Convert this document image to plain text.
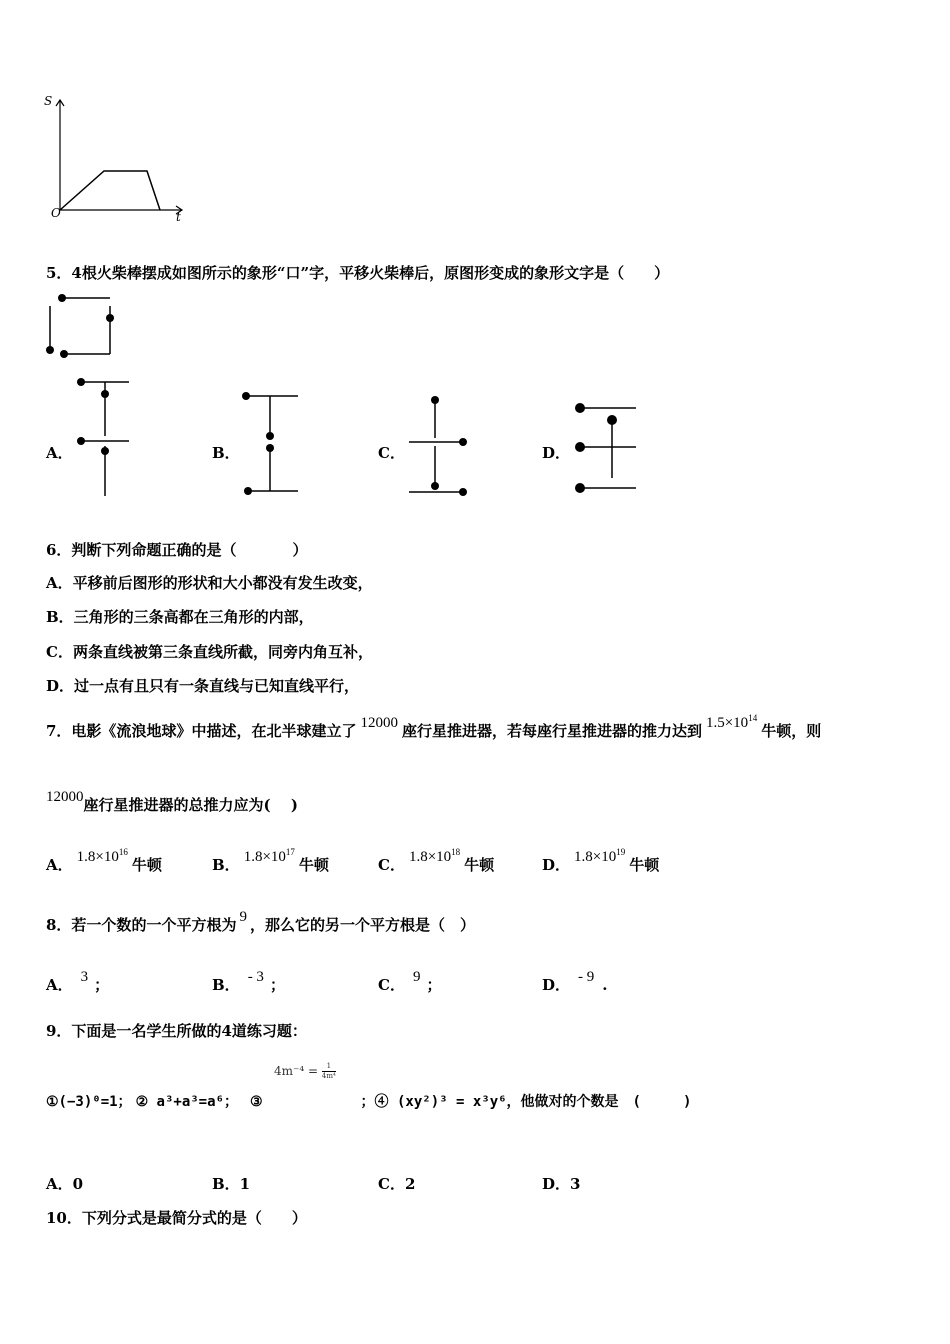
S
t
O
5．4根火柴棒摆成如图所示的象形“口”字，平移火柴棒后，原图形变成的象形文字是（　　）
A．	B．	C．	D．
6．判断下列命题正确的是（	）
A．平移前后图形的形状和大小都没有发生改变，
B．三角形的三条高都在三角形的内部，
C．两条直线被第三条直线所截，同旁内角互补，
D．过一点有且只有一条直线与已知直线平行，
7．电影《流浪地球》中描述，在北半球建立了 12000 座行星推进器，若每座行星推进器的推力达到 $1.5\times 10^{14}$牛顿，则
12000座行星推进器的总推力应为(　 )
A． $1.8\times 10^{16}$牛顿	B． $1.8\times 10^{17}$牛顿	C． $1.8\times 10^{18}$牛顿	D． $1.8\times 10^{19}$牛顿
8．若一个数的一个平方根为 9 ，那么它的另一个平方根是（　）
A． 3 ；	B． - 3 ；	C． 9 ；	D． - 9 .
9．下面是一名学生所做的4道练习题：
$4m^{-4} = \frac{1}{\text{4m⁴}}$
①(−3)⁰=1； ② a³+a³=a⁶； ③	；④ (xy²)³ = x³y⁶，他做对的个数是　(　　　)
A．0	B．1	C．2	D．3
10．下列分式是最简分式的是（　　）
